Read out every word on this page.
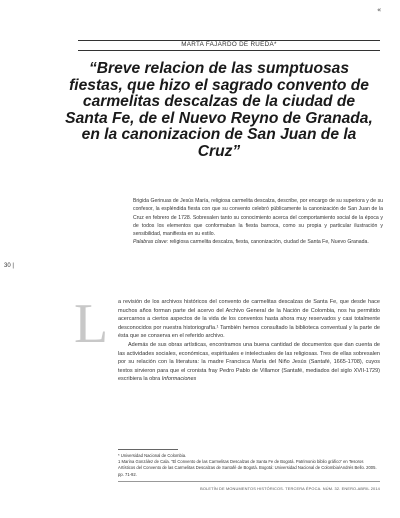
«
MARTA FAJARDO DE RUEDA*
“Breve relacion de las sumptuosas fiestas, que hizo el sagrado convento de carmelitas descalzas de la ciudad de Santa Fe, de el Nuevo Reyno de Granada, en la canonizacion de San Juan de la Cruz”

Brigida Gerinuas de Jesús María, religiosa carmelita descalza, describe, por encargo de su superiora y de su confesor, la espléndida fiesta con que su convento celebró públicamente la canonización de San Juan de la Cruz en febrero de 1728. Sobresalen tanto su conocimiento acerca del comportamiento social de la época y de todos los elementos que conformaban la fiesta barroca, como su propia y particular ilustración y sensibilidad, manifiesta en su estilo.

Palabras clave: religiosa carmelita descalza, fiesta, canonización, ciudad de Santa Fe, Nuevo Granada.

30 |
L a revisión de los archivos históricos del convento de carmelitas descalzas de Santa Fe, que desde hace muchos años forman parte del acervo del Archivo General de la Nación de Colombia, nos ha permitido acercarnos a ciertos aspectos de la vida de los conventos hasta ahora muy reservados y casi totalmente desconocidos por nuestra historiografía.¹ También hemos consultado la biblioteca conventual y la parte de ésta que se conserva en el referido archivo.

Además de sus obras artísticas, encontramos una buena cantidad de documentos que dan cuenta de las actividades sociales, económicas, espirituales e intelectuales de las religiosas. Tres de ellas sobresalen por su relación con la literatura: la madre Francisca María del Niño Jesús (Santafé, 1665-1708), cuyos textos sirvieron para que el cronista fray Pedro Pablo de Villamor (Santafé, mediados del siglo XVII-1729) escribiera la obra Informaciones

* Universidad Nacional de Colombia.

1 Marina González de Cala. “El Convento de las Carmelitas Descalzas de Santa Fe de Bogotá. Patrimonio biblio gráfico” en Tesoros Artísticos del Convento de las Carmelitas Descalzas de Santafé de Bogotá. Bogotá: Universidad Nacional de Colombia/Andrés Bello. 2005. pp. 71-92.

BOLETÍN DE MONUMENTOS HISTÓRICOS. TERCERA ÉPOCA. NÚM. 32. ENERO-ABRIL 2014
